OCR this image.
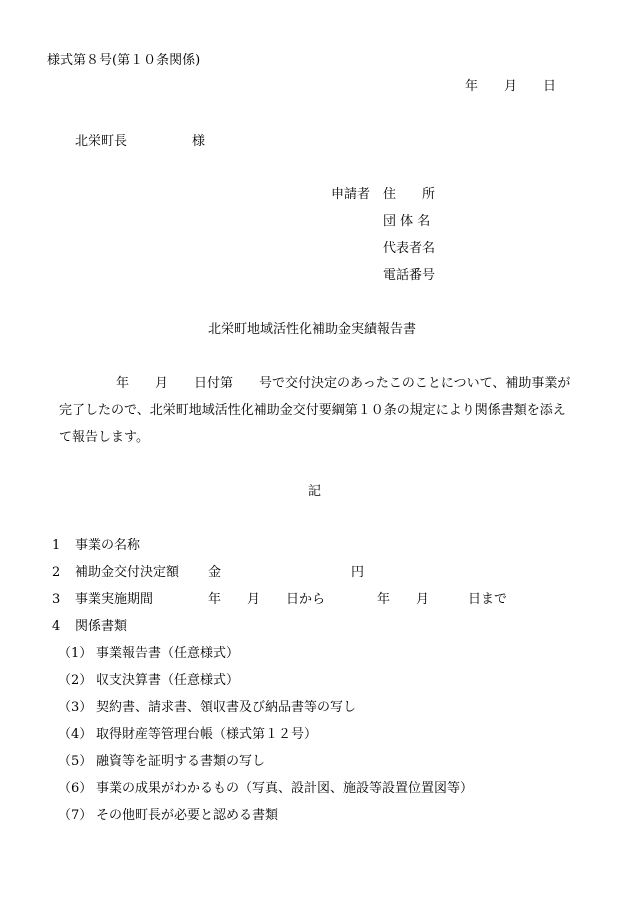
様式第８号(第１０条関係)
年　　月　　日
北栄町長　　　　　様
申請者 住　　所
団 体 名
代表者名
電話番号
北栄町地域活性化補助金実績報告書
年　　月　　日付第　　号で交付決定のあったこのことについて、補助事業が
完了したので、北栄町地域活性化補助金交付要綱第１０条の規定により関係書類を添え
て報告します。
記
1 事業の名称
2 補助金交付決定額 金　　　　　　　　　　円
3 事業実施期間	年　　月　　日から　　　　年　　月　　　日まで
4 関係書類
（1） 事業報告書（任意様式）
（2） 収支決算書（任意様式）
（3） 契約書、請求書、領収書及び納品書等の写し
（4） 取得財産等管理台帳（様式第１２号）
（5） 融資等を証明する書類の写し
（6） 事業の成果がわかるもの（写真、設計図、施設等設置位置図等）
（7） その他町長が必要と認める書類
